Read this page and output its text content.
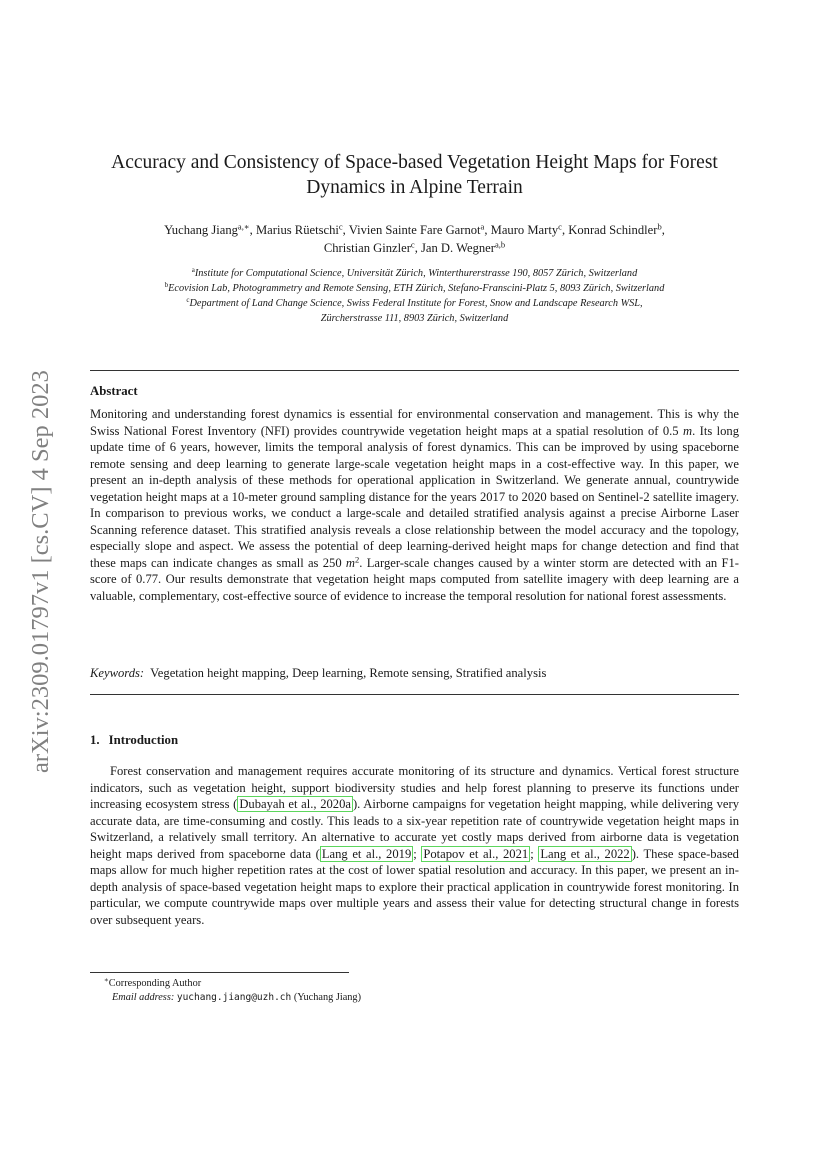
arXiv:2309.01797v1 [cs.CV] 4 Sep 2023
Accuracy and Consistency of Space-based Vegetation Height Maps for Forest Dynamics in Alpine Terrain
Yuchang Jiang$^{a,∗}$, Marius Rüetschi$^c$, Vivien Sainte Fare Garnot$^a$, Mauro Marty$^c$, Konrad Schindler$^b$,
Christian Ginzler$^c$, Jan D. Wegner$^{a,b}$
$^a$Institute for Computational Science, Universität Zürich, Winterthurerstrasse 190, 8057 Zürich, Switzerland
$^b$Ecovision Lab, Photogrammetry and Remote Sensing, ETH Zürich, Stefano-Franscini-Platz 5, 8093 Zürich, Switzerland
$^c$Department of Land Change Science, Swiss Federal Institute for Forest, Snow and Landscape Research WSL,
Zürcherstrasse 111, 8903 Zürich, Switzerland
Abstract
Monitoring and understanding forest dynamics is essential for environmental conservation and management. This is why the Swiss National Forest Inventory (NFI) provides countrywide vegetation height maps at a spatial resolution of 0.5 m. Its long update time of 6 years, however, limits the temporal analysis of forest dynamics. This can be improved by using spaceborne remote sensing and deep learning to generate large-scale vegetation height maps in a cost-effective way. In this paper, we present an in-depth analysis of these methods for operational application in Switzerland. We generate annual, countrywide vegetation height maps at a 10-meter ground sampling distance for the years 2017 to 2020 based on Sentinel-2 satellite imagery. In comparison to previous works, we conduct a large-scale and detailed stratified analysis against a precise Airborne Laser Scanning reference dataset. This stratified analysis reveals a close relationship between the model accuracy and the topology, especially slope and aspect. We assess the potential of deep learning-derived height maps for change detection and find that these maps can indicate changes as small as 250 $m^2$. Larger-scale changes caused by a winter storm are detected with an F1-score of 0.77. Our results demonstrate that vegetation height maps computed from satellite imagery with deep learning are a valuable, complementary, cost-effective source of evidence to increase the temporal resolution for national forest assessments.
Keywords: Vegetation height mapping, Deep learning, Remote sensing, Stratified analysis
1. Introduction
Forest conservation and management requires accurate monitoring of its structure and dynamics. Vertical forest structure indicators, such as vegetation height, support biodiversity studies and help forest planning to preserve its functions under increasing ecosystem stress ( Dubayah et al., 2020a ). Airborne campaigns for vegetation height mapping, while delivering very accurate data, are time-consuming and costly. This leads to a six-year repetition rate of countrywide vegetation height maps in Switzerland, a relatively small territory. An alternative to accurate yet costly maps derived from airborne data is vegetation height maps derived from spaceborne data ( Lang et al., 2019 ; Potapov et al., 2021 ; Lang et al., 2022 ). These space-based maps allow for much higher repetition rates at the cost of lower spatial resolution and accuracy. In this paper, we present an in-depth analysis of space-based vegetation height maps to explore their practical application in countrywide forest monitoring. In particular, we compute countrywide maps over multiple years and assess their value for detecting structural change in forests over subsequent years.
∗Corresponding Author
Email address: yuchang.jiang@uzh.ch (Yuchang Jiang)
